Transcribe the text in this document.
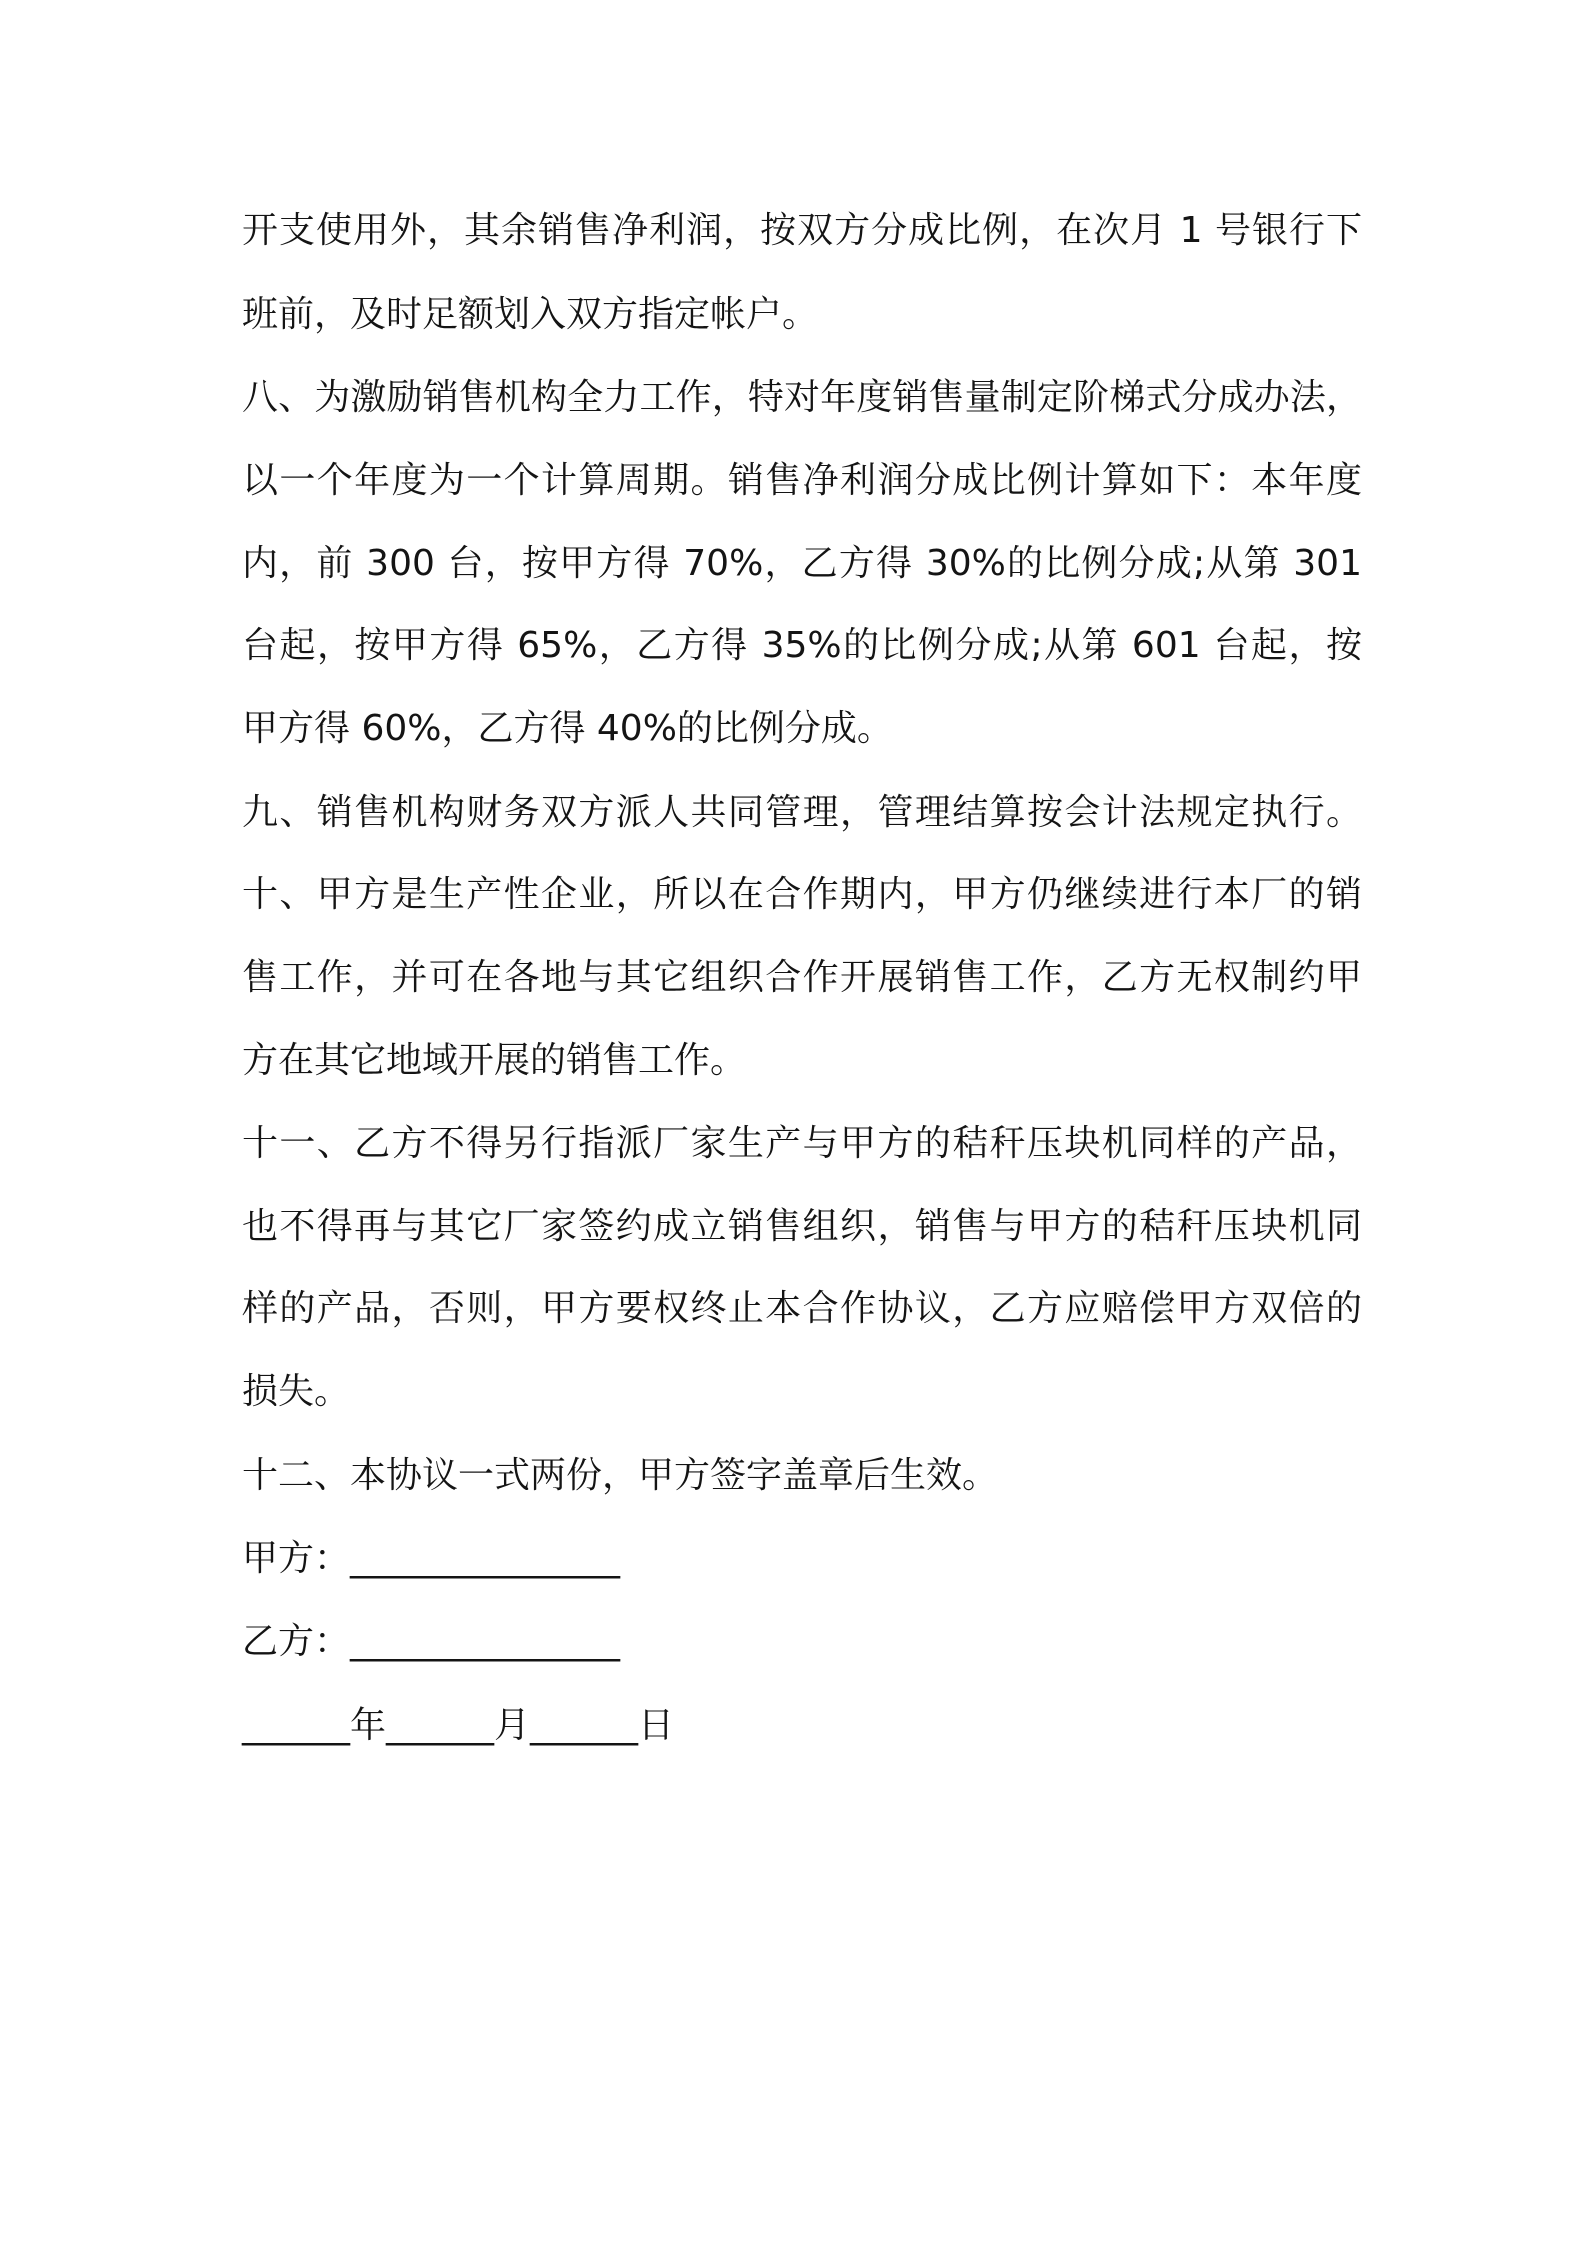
开支使用外，其余销售净利润，按双方分成比例，在次月 1 号银行下
班前，及时足额划入双方指定帐户。
八、为激励销售机构全力工作，特对年度销售量制定阶梯式分成办法，
以一个年度为一个计算周期。销售净利润分成比例计算如下：本年度
内，前 300 台，按甲方得 70%，乙方得 30%的比例分成;从第 301
台起，按甲方得 65%，乙方得 35%的比例分成;从第 601 台起，按
甲方得 60%，乙方得 40%的比例分成。
九、销售机构财务双方派人共同管理，管理结算按会计法规定执行。
十、甲方是生产性企业，所以在合作期内，甲方仍继续进行本厂的销
售工作，并可在各地与其它组织合作开展销售工作，乙方无权制约甲
方在其它地域开展的销售工作。
十一、乙方不得另行指派厂家生产与甲方的秸秆压块机同样的产品，
也不得再与其它厂家签约成立销售组织，销售与甲方的秸秆压块机同
样的产品，否则，甲方要权终止本合作协议，乙方应赔偿甲方双倍的
损失。
十二、本协议一式两份，甲方签字盖章后生效。
甲方：_______________
乙方：_______________
______年______月______日
